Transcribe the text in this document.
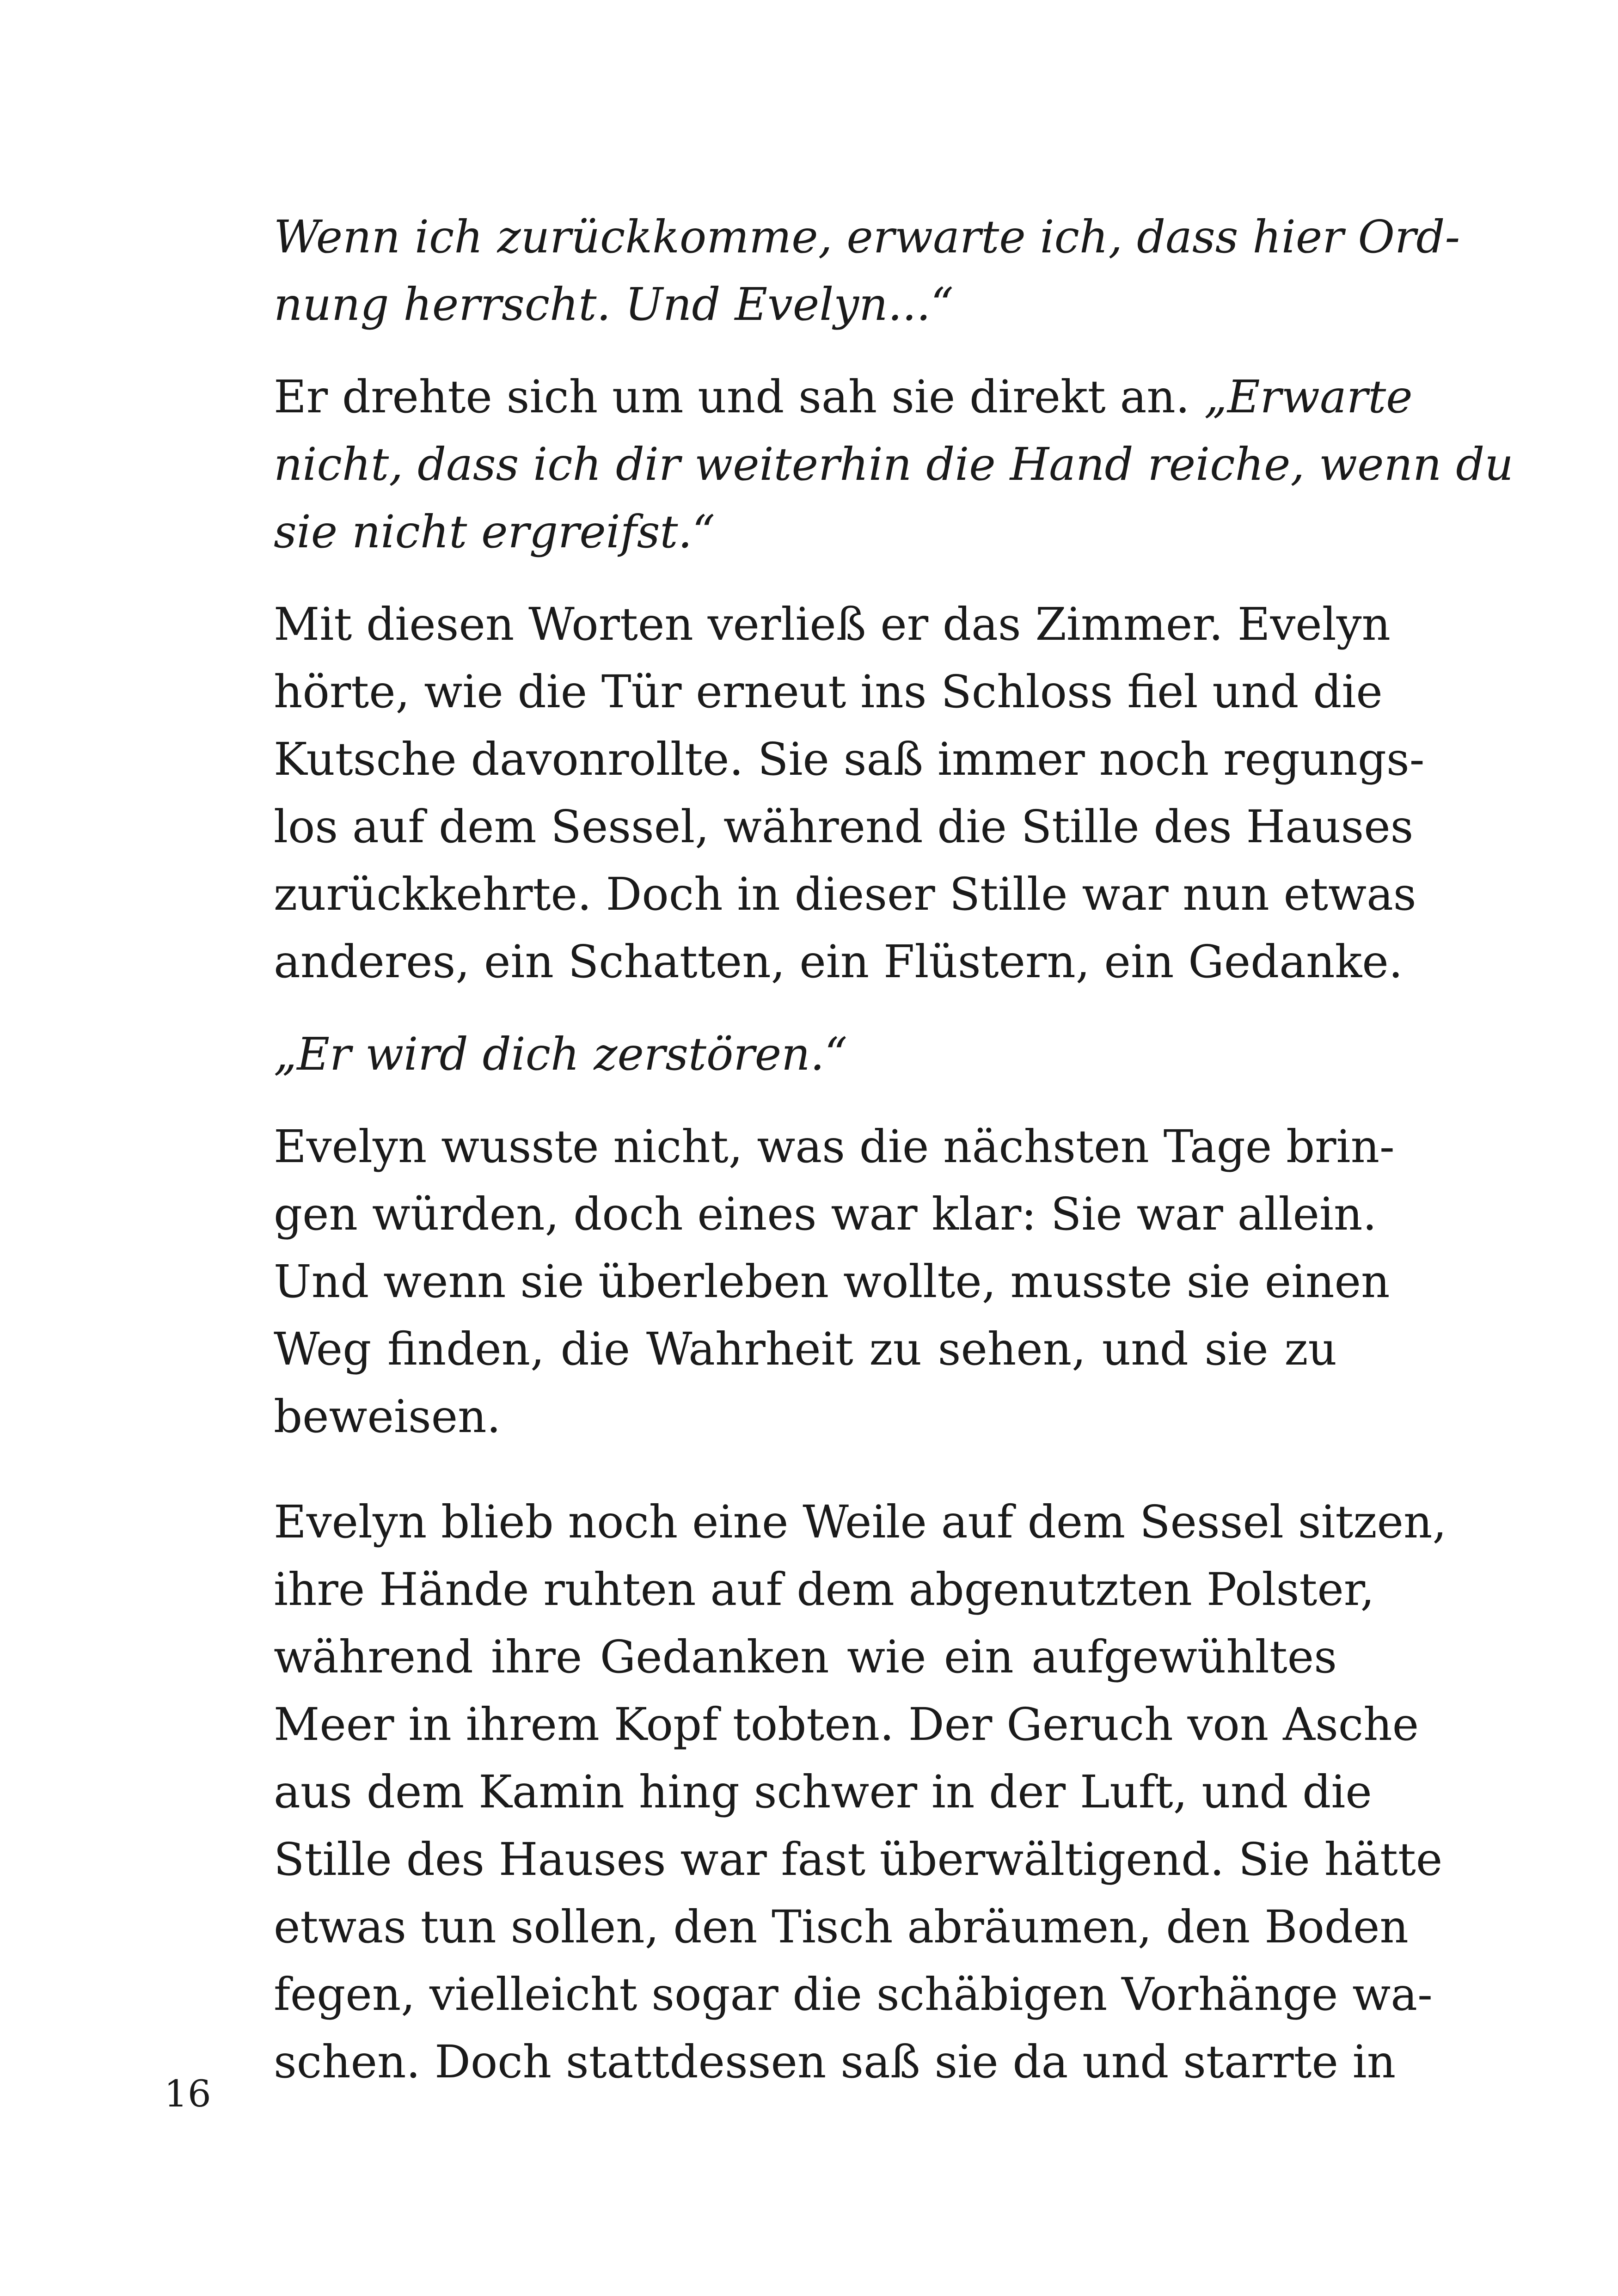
Wenn ich zurückkomme, erwarte ich, dass hier Ord-
nung herrscht. Und Evelyn...“
Er drehte sich um und sah sie direkt an. „Erwarte
nicht, dass ich dir weiterhin die Hand reiche, wenn du
sie nicht ergreifst.“
Mit diesen Worten verließ er das Zimmer. Evelyn
hörte, wie die Tür erneut ins Schloss fiel und die
Kutsche davonrollte. Sie saß immer noch regungs-
los auf dem Sessel, während die Stille des Hauses
zurückkehrte. Doch in dieser Stille war nun etwas
anderes, ein Schatten, ein Flüstern, ein Gedanke.
„Er wird dich zerstören.“
Evelyn wusste nicht, was die nächsten Tage brin-
gen würden, doch eines war klar: Sie war allein.
Und wenn sie überleben wollte, musste sie einen
Weg finden, die Wahrheit zu sehen, und sie zu
beweisen.
Evelyn blieb noch eine Weile auf dem Sessel sitzen,
ihre Hände ruhten auf dem abgenutzten Polster,
während ihre Gedanken wie ein aufgewühltes
Meer in ihrem Kopf tobten. Der Geruch von Asche
aus dem Kamin hing schwer in der Luft, und die
Stille des Hauses war fast überwältigend. Sie hätte
etwas tun sollen, den Tisch abräumen, den Boden
fegen, vielleicht sogar die schäbigen Vorhänge wa-
schen. Doch stattdessen saß sie da und starrte in
16
